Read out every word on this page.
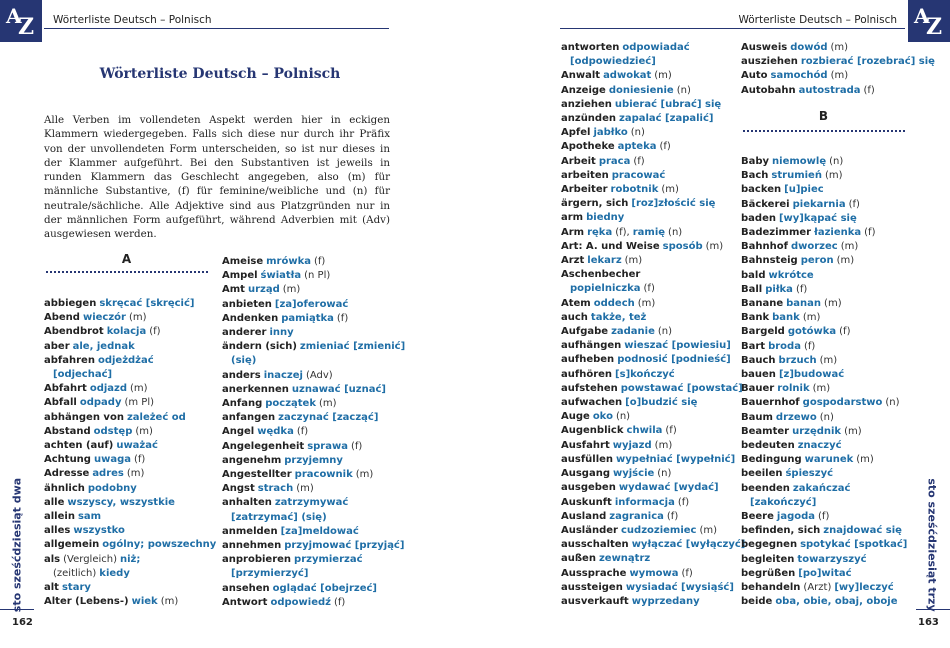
A
Z Wörterliste Deutsch – Polnisch
Wörterliste Deutsch – Polnisch

Alle Verben im vollendeten Aspekt werden hier in eckigen Klammern wiedergegeben. Falls sich diese nur durch ihr Präfix von der unvollendeten Form unterscheiden, so ist nur dieses in der Klammer aufgeführt. Bei den Substantiven ist jeweils in runden Klammern das Geschlecht angegeben, also (m) für männliche Substantive, (f) für feminine/weibliche und (n) für neutrale/sächliche. Alle Adjektive sind aus Platzgründen nur in der männlichen Form aufgeführt, während Adverbien mit (Adv) ausgewiesen werden.

A
abbiegen skręcać [skręcić]
Abend wieczór (m)
Abendbrot kolacja (f)
aber ale, jednak
abfahren odjeżdżać
[odjechać]
Abfahrt odjazd (m)
Abfall odpady (m Pl)
abhängen von zależeć od
Abstand odstęp (m)
achten (auf) uważać
Achtung uwaga (f)
Adresse adres (m)
ähnlich podobny
alle wszyscy, wszystkie
allein sam
alles wszystko
allgemein ogólny; powszechny
als (Vergleich) niż;
(zeitlich) kiedy
alt stary
Alter (Lebens-) wiek (m)
Ameise mrówka (f)
Ampel światła (n Pl)
Amt urząd (m)
anbieten [za]oferować
Andenken pamiątka (f)
anderer inny
ändern (sich) zmieniać [zmienić]
(się)
anders inaczej (Adv)
anerkennen uznawać [uznać]
Anfang początek (m)
anfangen zaczynać [zacząć]
Angel wędka (f)
Angelegenheit sprawa (f)
angenehm przyjemny
Angestellter pracownik (m)
Angst strach (m)
anhalten zatrzymywać
[zatrzymać] (się)
anmelden [za]meldować
annehmen przyjmować [przyjąć]
anprobieren przymierzać
[przymierzyć]
ansehen oglądać [obejrzeć]
Antwort odpowiedź (f)
sto sześćdziesiąt dwa
162
A
Z
Wörterliste Deutsch – Polnisch
antworten odpowiadać
[odpowiedzieć]
Anwalt adwokat (m)
Anzeige doniesienie (n)
anziehen ubierać [ubrać] się
anzünden zapalać [zapalić]
Apfel jabłko (n)
Apotheke apteka (f)
Arbeit praca (f)
arbeiten pracować
Arbeiter robotnik (m)
ärgern, sich [roz]złościć się
arm biedny
Arm ręka (f), ramię (n)
Art: A. und Weise sposób (m)
Arzt lekarz (m)
Aschenbecher
popielniczka (f)
Atem oddech (m)
auch także, też
Aufgabe zadanie (n)
aufhängen wieszać [powiesiu]
aufheben podnosić [podnieść]
aufhören [s]kończyć
aufstehen powstawać [powstać]
aufwachen [o]budzić się
Auge oko (n)
Augenblick chwila (f)
Ausfahrt wyjazd (m)
ausfüllen wypełniać [wypełnić]
Ausgang wyjście (n)
ausgeben wydawać [wydać]
Auskunft informacja (f)
Ausland zagranica (f)
Ausländer cudzoziemiec (m)
ausschalten wyłączać [wyłączyć]
außen zewnątrz
Aussprache wymowa (f)
aussteigen wysiadać [wysiąść]
ausverkauft wyprzedany
Ausweis dowód (m)
ausziehen rozbierać [rozebrać] się
Auto samochód (m)
Autobahn autostrada (f)
B
Baby niemowlę (n)
Bach strumień (m)
backen [u]piec
Bäckerei piekarnia (f)
baden [wy]kąpać się
Badezimmer łazienka (f)
Bahnhof dworzec (m)
Bahnsteig peron (m)
bald wkrótce
Ball piłka (f)
Banane banan (m)
Bank bank (m)
Bargeld gotówka (f)
Bart broda (f)
Bauch brzuch (m)
bauen [z]budować
Bauer rolnik (m)
Bauernhof gospodarstwo (n)
Baum drzewo (n)
Beamter urzędnik (m)
bedeuten znaczyć
Bedingung warunek (m)
beeilen śpieszyć
beenden zakańczać
[zakończyć]
Beere jagoda (f)
befinden, sich znajdować się
begegnen spotykać [spotkać]
begleiten towarzyszyć
begrüßen [po]witać
behandeln (Arzt) [wy]leczyć
beide oba, obie, obaj, oboje	sto sześćdziesiąt trzy
163
